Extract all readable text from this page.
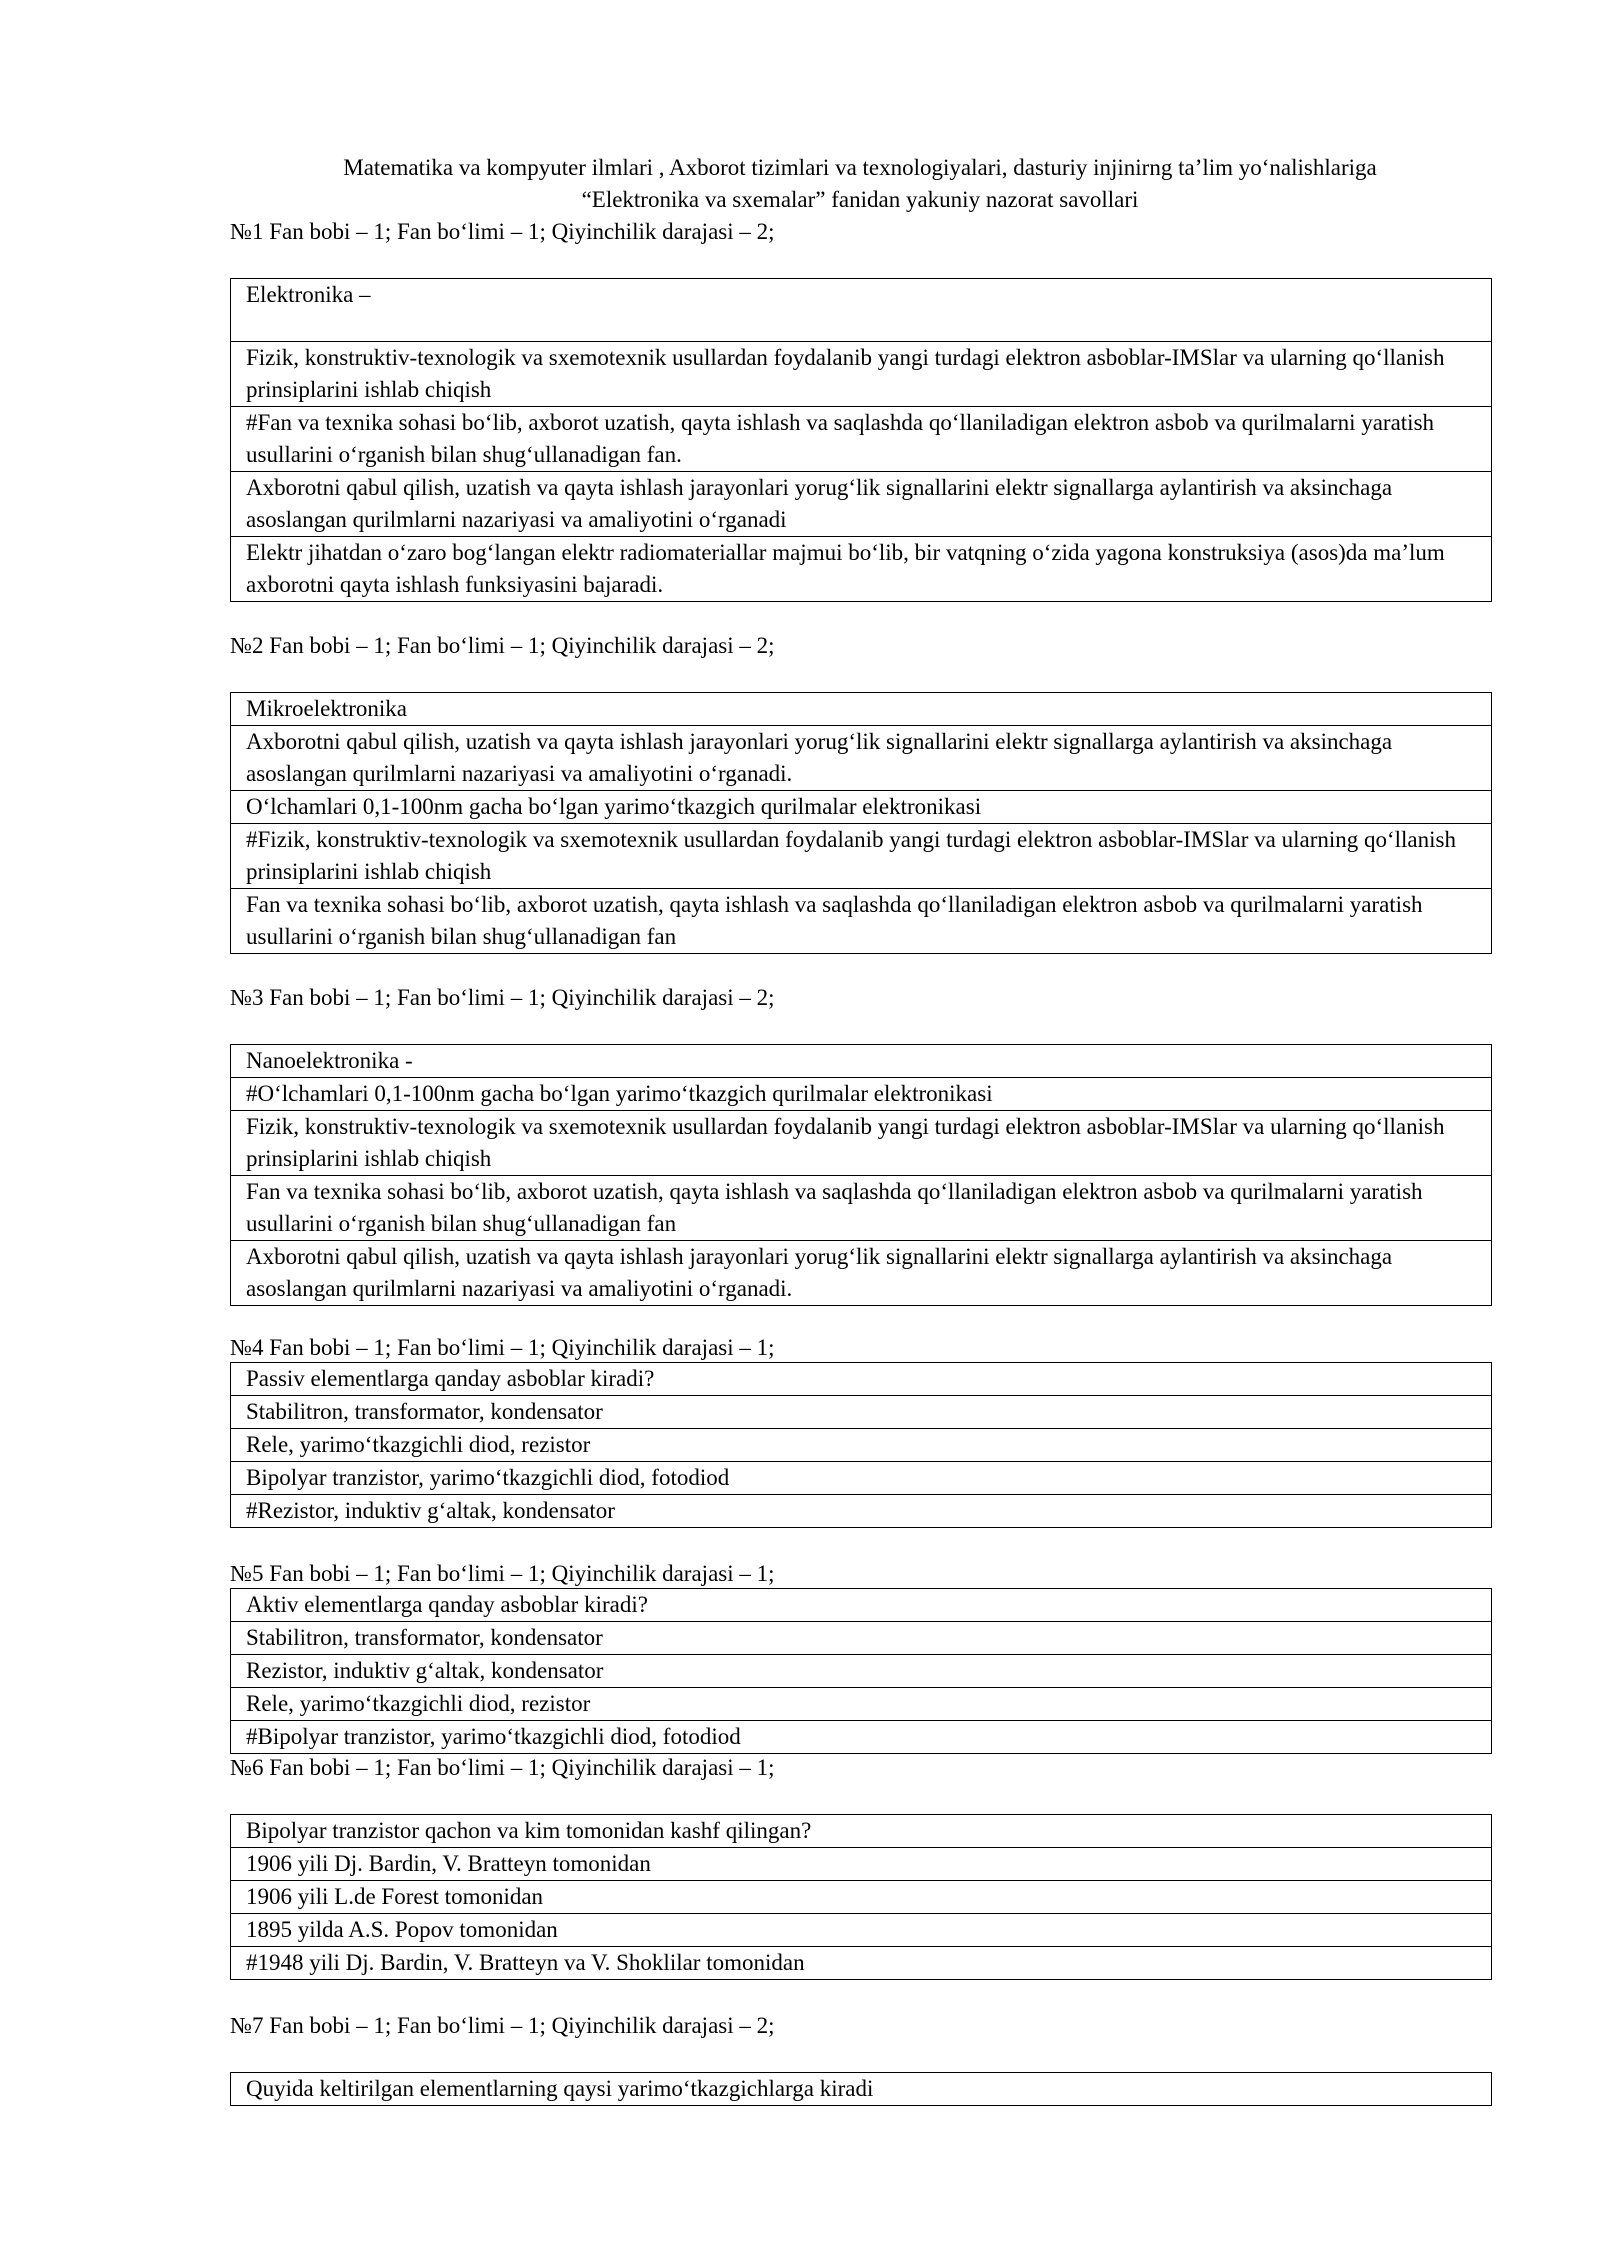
Matematika va kompyuter ilmlari , Axborot tizimlari va texnologiyalari, dasturiy injinirng ta’lim yo‘nalishlariga
“Elektronika va sxemalar” fanidan yakuniy nazorat savollari
№1 Fan bobi – 1; Fan bo‘limi – 1; Qiyinchilik darajasi – 2;
Elektronika –
Fizik, konstruktiv-texnologik va sxemotexnik usullardan foydalanib yangi turdagi elektron asboblar-IMSlar va ularning qo‘llanish prinsiplarini ishlab chiqish
#Fan va texnika sohasi bo‘lib, axborot uzatish, qayta ishlash va saqlashda qo‘llaniladigan elektron asbob va qurilmalarni yaratish usullarini o‘rganish bilan shug‘ullanadigan fan.
Axborotni qabul qilish, uzatish va qayta ishlash jarayonlari yorug‘lik signallarini elektr signallarga aylantirish va aksinchaga asoslangan qurilmlarni nazariyasi va amaliyotini o‘rganadi
Elektr jihatdan o‘zaro bog‘langan elektr radiomateriallar majmui bo‘lib, bir vatqning o‘zida yagona konstruksiya (asos)da ma’lum axborotni qayta ishlash funksiyasini bajaradi.
№2 Fan bobi – 1; Fan bo‘limi – 1; Qiyinchilik darajasi – 2;
Mikroelektronika
Axborotni qabul qilish, uzatish va qayta ishlash jarayonlari yorug‘lik signallarini elektr signallarga aylantirish va aksinchaga asoslangan qurilmlarni nazariyasi va amaliyotini o‘rganadi.
O‘lchamlari 0,1-100nm gacha bo‘lgan yarimo‘tkazgich qurilmalar elektronikasi
#Fizik, konstruktiv-texnologik va sxemotexnik usullardan foydalanib yangi turdagi elektron asboblar-IMSlar va ularning qo‘llanish prinsiplarini ishlab chiqish
Fan va texnika sohasi bo‘lib, axborot uzatish, qayta ishlash va saqlashda qo‘llaniladigan elektron asbob va qurilmalarni yaratish usullarini o‘rganish bilan shug‘ullanadigan fan
№3 Fan bobi – 1; Fan bo‘limi – 1; Qiyinchilik darajasi – 2;
Nanoelektronika -
#O‘lchamlari 0,1-100nm gacha bo‘lgan yarimo‘tkazgich qurilmalar elektronikasi
Fizik, konstruktiv-texnologik va sxemotexnik usullardan foydalanib yangi turdagi elektron asboblar-IMSlar va ularning qo‘llanish prinsiplarini ishlab chiqish
Fan va texnika sohasi bo‘lib, axborot uzatish, qayta ishlash va saqlashda qo‘llaniladigan elektron asbob va qurilmalarni yaratish usullarini o‘rganish bilan shug‘ullanadigan fan
Axborotni qabul qilish, uzatish va qayta ishlash jarayonlari yorug‘lik signallarini elektr signallarga aylantirish va aksinchaga asoslangan qurilmlarni nazariyasi va amaliyotini o‘rganadi.
№4 Fan bobi – 1; Fan bo‘limi – 1; Qiyinchilik darajasi – 1;
Passiv elementlarga qanday asboblar kiradi?
Stabilitron, transformator, kondensator
Rele, yarimo‘tkazgichli diod, rezistor
Bipolyar tranzistor, yarimo‘tkazgichli diod, fotodiod
#Rezistor, induktiv g‘altak, kondensator
№5 Fan bobi – 1; Fan bo‘limi – 1; Qiyinchilik darajasi – 1;
Aktiv elementlarga qanday asboblar kiradi?
Stabilitron, transformator, kondensator
Rezistor, induktiv g‘altak, kondensator
Rele, yarimo‘tkazgichli diod, rezistor
#Bipolyar tranzistor, yarimo‘tkazgichli diod, fotodiod
№6 Fan bobi – 1; Fan bo‘limi – 1; Qiyinchilik darajasi – 1;
Bipolyar tranzistor qachon va kim tomonidan kashf qilingan?
1906 yili Dj. Bardin, V. Bratteyn tomonidan
1906 yili L.de Forest tomonidan
1895 yilda A.S. Popov tomonidan
#1948 yili Dj. Bardin, V. Bratteyn va V. Shoklilar tomonidan
№7 Fan bobi – 1; Fan bo‘limi – 1; Qiyinchilik darajasi – 2;
Quyida keltirilgan elementlarning qaysi yarimo‘tkazgichlarga kiradi
